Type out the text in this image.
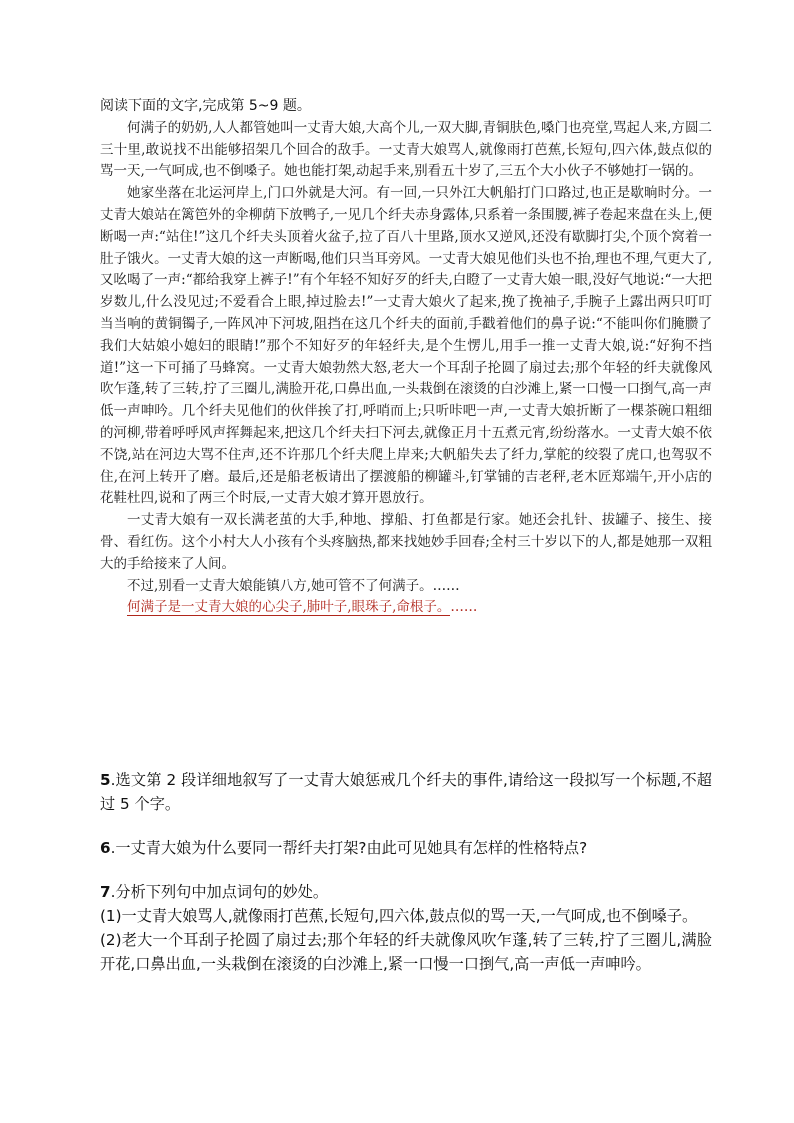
阅读下面的文字,完成第 5~9 题。

何满子的奶奶,人人都管她叫一丈青大娘,大高个儿,一双大脚,青铜肤色,嗓门也亮堂,骂起人来,方圆二三十里,敢说找不出能够招架几个回合的敌手。一丈青大娘骂人,就像雨打芭蕉,长短句,四六体,鼓点似的骂一天,一气呵成,也不倒嗓子。她也能打架,动起手来,别看五十岁了,三五个大小伙子不够她打一锅的。

她家坐落在北运河岸上,门口外就是大河。有一回,一只外江大帆船打门口路过,也正是歇晌时分。一丈青大娘站在篱笆外的伞柳荫下放鸭子,一见几个纤夫赤身露体,只系着一条围腰,裤子卷起来盘在头上,便断喝一声:“站住!”这几个纤夫头顶着火盆子,拉了百八十里路,顶水又逆风,还没有歇脚打尖,个顶个窝着一肚子饿火。一丈青大娘的这一声断喝,他们只当耳旁风。一丈青大娘见他们头也不抬,理也不理,气更大了,又吆喝了一声:“都给我穿上裤子!”有个年轻不知好歹的纤夫,白瞪了一丈青大娘一眼,没好气地说:“一大把岁数儿,什么没见过;不爱看合上眼,掉过脸去!”一丈青大娘火了起来,挽了挽袖子,手腕子上露出两只叮叮当当响的黄铜镯子,一阵风冲下河坡,阻挡在这几个纤夫的面前,手戳着他们的鼻子说:“不能叫你们腌臜了我们大姑娘小媳妇的眼睛!”那个不知好歹的年轻纤夫,是个生愣儿,用手一推一丈青大娘,说:“好狗不挡道!”这一下可捅了马蜂窝。一丈青大娘勃然大怒,老大一个耳刮子抡圆了扇过去;那个年轻的纤夫就像风吹乍蓬,转了三转,拧了三圈儿,满脸开花,口鼻出血,一头栽倒在滚烫的白沙滩上,紧一口慢一口捯气,高一声低一声呻吟。几个纤夫见他们的伙伴挨了打,呼哨而上;只听咔吧一声,一丈青大娘折断了一棵茶碗口粗细的河柳,带着呼呼风声挥舞起来,把这几个纤夫扫下河去,就像正月十五煮元宵,纷纷落水。一丈青大娘不依不饶,站在河边大骂不住声,还不许那几个纤夫爬上岸来;大帆船失去了纤力,掌舵的绞裂了虎口,也驾驭不住,在河上转开了磨。最后,还是船老板请出了摆渡船的柳罐斗,钉掌铺的吉老秤,老木匠郑端午,开小店的花鞋杜四,说和了两三个时辰,一丈青大娘才算开恩放行。

一丈青大娘有一双长满老茧的大手,种地、撑船、打鱼都是行家。她还会扎针、拔罐子、接生、接骨、看红伤。这个小村大人小孩有个头疼脑热,都来找她妙手回春;全村三十岁以下的人,都是她那一双粗大的手给接来了人间。

不过,别看一丈青大娘能镇八方,她可管不了何满子。……

何满子是一丈青大娘的心尖子,肺叶子,眼珠子,命根子。……

5.选文第 2 段详细地叙写了一丈青大娘惩戒几个纤夫的事件,请给这一段拟写一个标题,不超过 5 个字。

6.一丈青大娘为什么要同一帮纤夫打架?由此可见她具有怎样的性格特点?

7.分析下列句中加点词句的妙处。

(1)一丈青大娘骂人,就像雨打芭蕉,长短句,四六体,鼓点似的骂一天,一气呵成,也不倒嗓子。

(2)老大一个耳刮子抡圆了扇过去;那个年轻的纤夫就像风吹乍蓬,转了三转,拧了三圈儿,满脸开花,口鼻出血,一头栽倒在滚烫的白沙滩上,紧一口慢一口捯气,高一声低一声呻吟。
